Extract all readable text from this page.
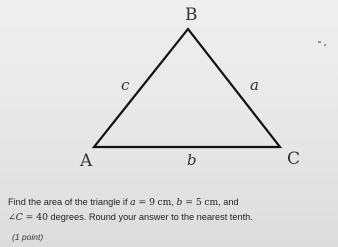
B
A	C
c	a
b
Find the area of the triangle if a = 9 cm, b = 5 cm, and
∠C = 40 degrees. Round your answer to the nearest tenth.
(1 point)
